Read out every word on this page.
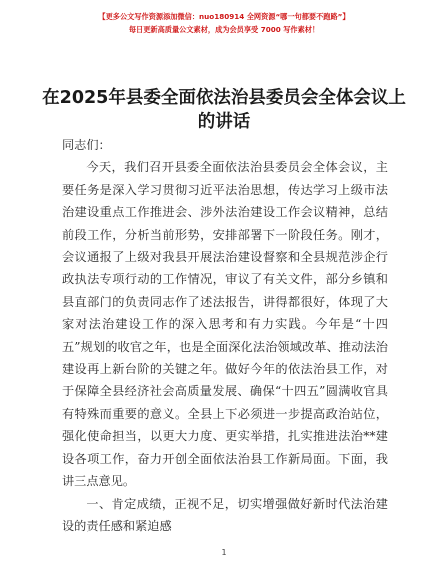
【更多公文写作资源添加微信：nuo180914 全网资源“哪一句都要不跑路”】
每日更新高质量公文素材，成为会员享受 7000 写作素材！
在2025年县委全面依法治县委员会全体会议上的讲话

同志们：

今天，我们召开县委全面依法治县委员会全体会议，主要任务是深入学习贯彻习近平法治思想，传达学习上级市法治建设重点工作推进会、涉外法治建设工作会议精神，总结前段工作，分析当前形势，安排部署下一阶段任务。刚才，会议通报了上级对我县开展法治建设督察和全县规范涉企行政执法专项行动的工作情况，审议了有关文件，部分乡镇和县直部门的负责同志作了述法报告，讲得都很好，体现了大家对法治建设工作的深入思考和有力实践。今年是“十四五”规划的收官之年，也是全面深化法治领域改革、推动法治建设再上新台阶的关键之年。做好今年的依法治县工作，对于保障全县经济社会高质量发展、确保“十四五”圆满收官具有特殊而重要的意义。全县上下必须进一步提高政治站位，强化使命担当，以更大力度、更实举措，扎实推进法治**建设各项工作，奋力开创全面依法治县工作新局面。下面，我讲三点意见。

一、肯定成绩，正视不足，切实增强做好新时代法治建设的责任感和紧迫感

1
